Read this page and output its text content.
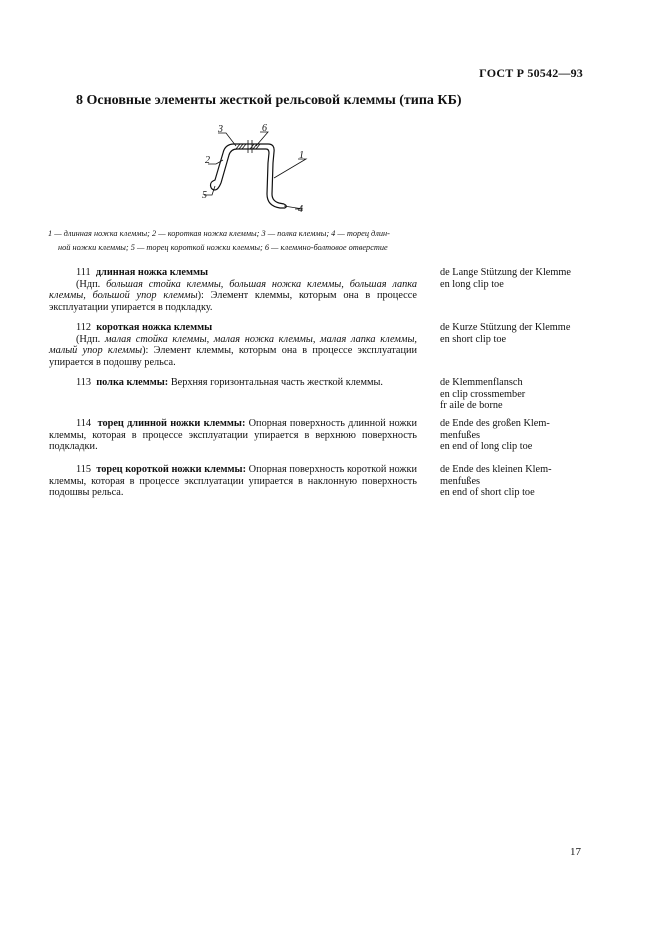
ГОСТ Р 50542—93
8 Основные элементы жесткой рельсовой клеммы (типа КБ)
3	6
2	1
5
4
1 — длинная ножка клеммы; 2 — короткая ножка клеммы; 3 — полка клеммы; 4 — торец длин-
ной ножки клеммы; 5 — торец короткой ножки клеммы; 6 — клеммно-болтовое отверстие
111 длинная ножка клеммы
(Ндп. большая стойка клеммы, большая ножка клеммы, большая лапка клеммы, большой упор клеммы): Элемент клеммы, которым она в процессе эксплуатации упирается в подкладку.
de Lange Stützung der Klemme
en long clip toe
112 короткая ножка клеммы
(Ндп. малая стойка клеммы, малая ножка клеммы, малая лапка клеммы, малый упор клеммы): Элемент клеммы, которым она в процессе эксплуатации упирается в подошву рельса.
de Kurze Stützung der Klemme
en short clip toe
113 полка клеммы: Верхняя горизонтальная часть жесткой клеммы.	de Klemmenflansch
en clip crossmember
fr aile de borne
114 торец длинной ножки клеммы: Опорная поверхность длинной ножки клеммы, которая в процессе эксплуатации упирается в верхнюю поверхность подкладки.
de Ende des großen Klem-
menfußes
en end of long clip toe
115 торец короткой ножки клеммы: Опорная поверхность короткой ножки клеммы, которая в процессе эксплуатации упирается в наклонную поверхность подошвы рельса.
de Ende des kleinen Klem-
menfußes
en end of short clip toe
17
